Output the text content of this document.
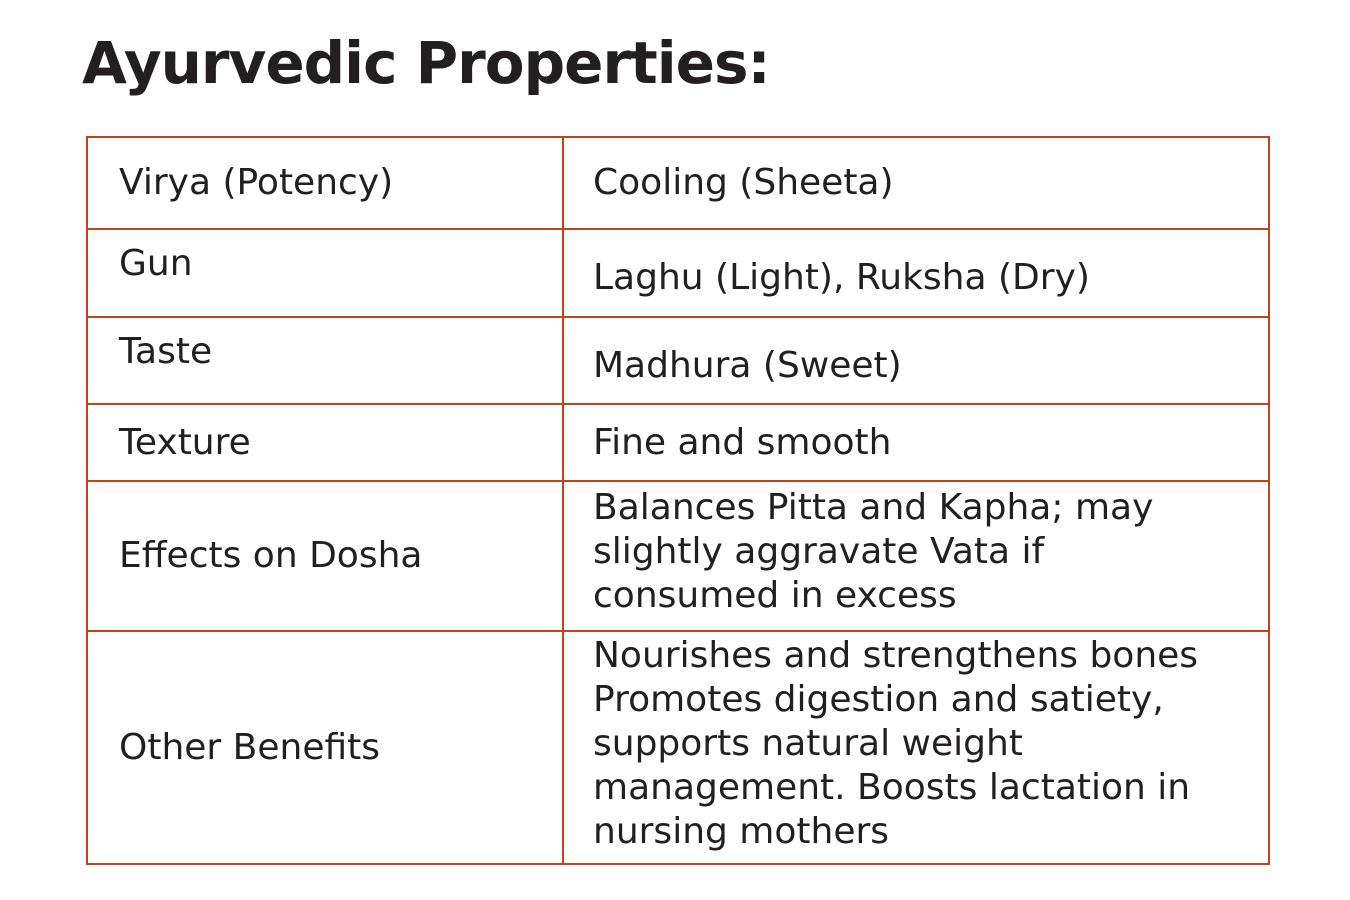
Ayurvedic Properties:
Virya (Potency)	Cooling (Sheeta)
Gun	Laghu (Light), Ruksha (Dry)
Taste	Madhura (Sweet)
Texture	Fine and smooth
Effects on Dosha	Balances Pitta and Kapha; may
slightly aggravate Vata if
consumed in excess

Other Benefits	Nourishes and strengthens bones
Promotes digestion and satiety,
supports natural weight
management. Boosts lactation in
nursing mothers
